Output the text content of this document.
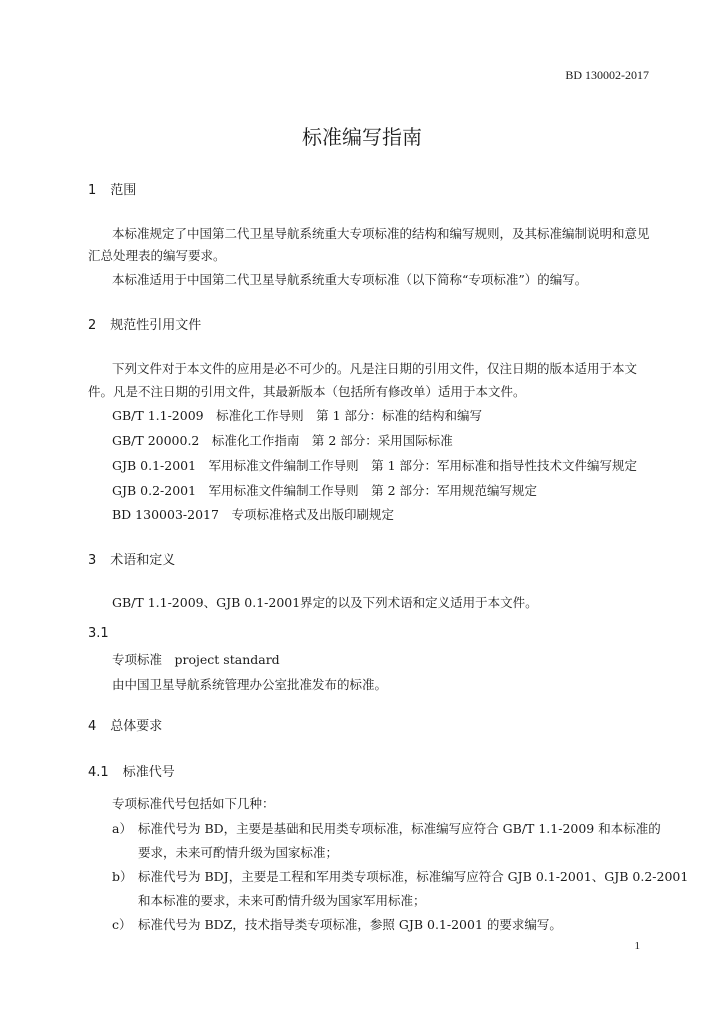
BD 130002-2017
标准编写指南
1 范围
本标准规定了中国第二代卫星导航系统重大专项标准的结构和编写规则，及其标准编制说明和意见
汇总处理表的编写要求。
本标准适用于中国第二代卫星导航系统重大专项标准（以下简称“专项标准”）的编写。
2 规范性引用文件
下列文件对于本文件的应用是必不可少的。凡是注日期的引用文件，仅注日期的版本适用于本文
件。凡是不注日期的引用文件，其最新版本（包括所有修改单）适用于本文件。
GB/T 1.1-2009　 标准化工作导则　第 1 部分：标准的结构和编写
GB/T 20000.2　 标准化工作指南　第 2 部分：采用国际标准
GJB 0.1-2001　 军用标准文件编制工作导则　第 1 部分：军用标准和指导性技术文件编写规定
GJB 0.2-2001　 军用标准文件编制工作导则　第 2 部分：军用规范编写规定
BD 130003-2017　 专项标准格式及出版印刷规定
3 术语和定义
GB/T 1.1-2009、GJB 0.1-2001界定的以及下列术语和定义适用于本文件。
3.1
专项标准　 project standard
由中国卫星导航系统管理办公室批准发布的标准。
4 总体要求
4.1 标准代号
专项标准代号包括如下几种：
a） 标准代号为 BD，主要是基础和民用类专项标准，标准编写应符合 GB/T 1.1-2009 和本标准的
要求，未来可酌情升级为国家标准；
b） 标准代号为 BDJ，主要是工程和军用类专项标准，标准编写应符合 GJB 0.1-2001、GJB 0.2-2001
和本标准的要求，未来可酌情升级为国家军用标准；
c） 标准代号为 BDZ，技术指导类专项标准，参照 GJB 0.1-2001 的要求编写。
1
